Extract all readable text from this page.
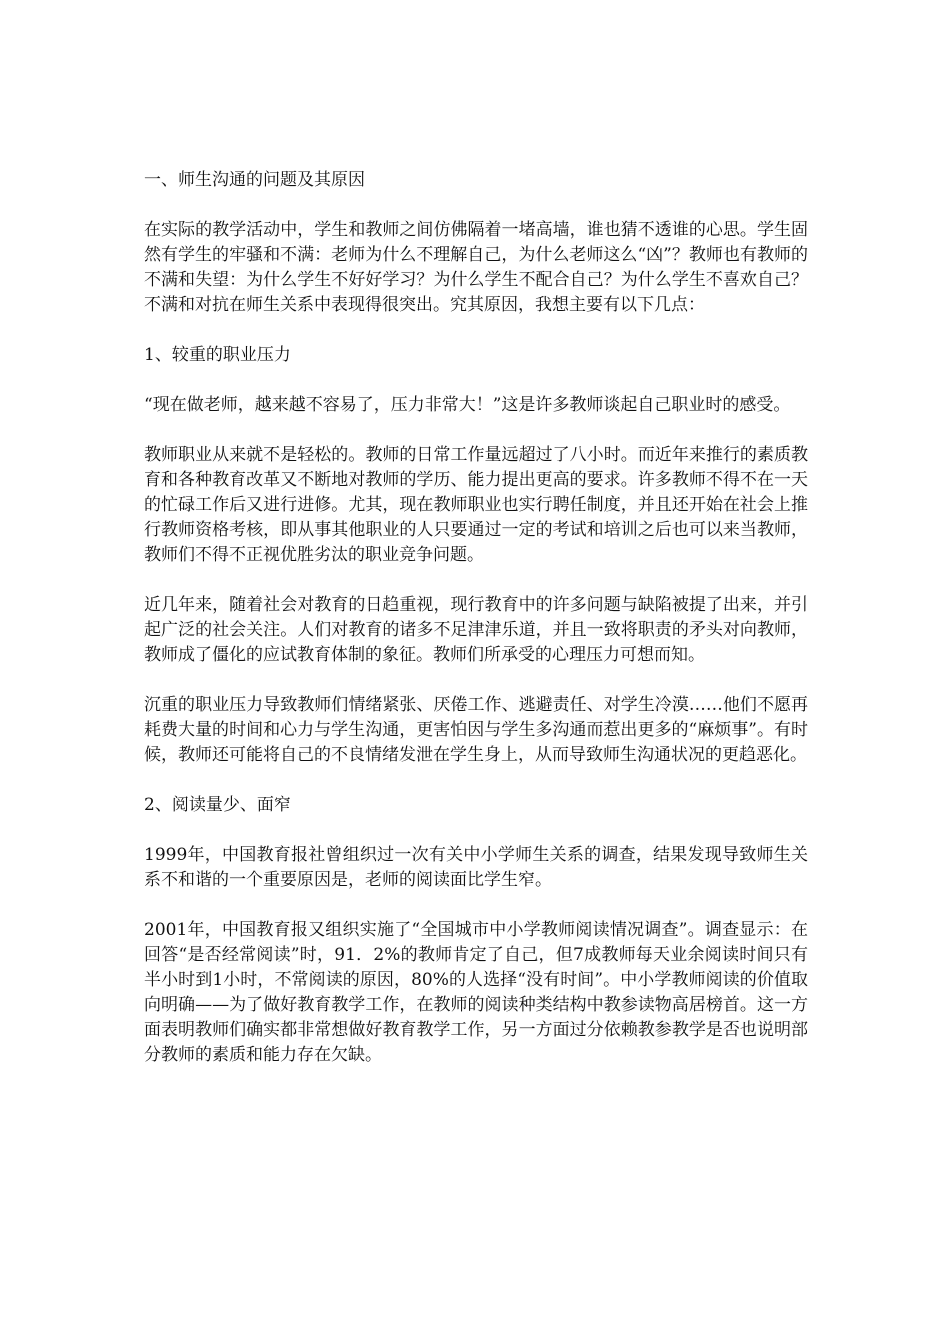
一、师生沟通的问题及其原因

在实际的教学活动中，学生和教师之间仿佛隔着一堵高墙，谁也猜不透谁的心思。学生固然有学生的牢骚和不满：老师为什么不理解自己，为什么老师这么“凶”？教师也有教师的不满和失望：为什么学生不好好学习？为什么学生不配合自己？为什么学生不喜欢自己？不满和对抗在师生关系中表现得很突出。究其原因，我想主要有以下几点：

1、较重的职业压力

“现在做老师，越来越不容易了，压力非常大！”这是许多教师谈起自己职业时的感受。

教师职业从来就不是轻松的。教师的日常工作量远超过了八小时。而近年来推行的素质教育和各种教育改革又不断地对教师的学历、能力提出更高的要求。许多教师不得不在一天的忙碌工作后又进行进修。尤其，现在教师职业也实行聘任制度，并且还开始在社会上推行教师资格考核，即从事其他职业的人只要通过一定的考试和培训之后也可以来当教师，教师们不得不正视优胜劣汰的职业竞争问题。

近几年来，随着社会对教育的日趋重视，现行教育中的许多问题与缺陷被提了出来，并引起广泛的社会关注。人们对教育的诸多不足津津乐道，并且一致将职责的矛头对向教师，教师成了僵化的应试教育体制的象征。教师们所承受的心理压力可想而知。

沉重的职业压力导致教师们情绪紧张、厌倦工作、逃避责任、对学生冷漠……他们不愿再耗费大量的时间和心力与学生沟通，更害怕因与学生多沟通而惹出更多的“麻烦事”。有时候，教师还可能将自己的不良情绪发泄在学生身上，从而导致师生沟通状况的更趋恶化。

2、阅读量少、面窄

1999年，中国教育报社曾组织过一次有关中小学师生关系的调查，结果发现导致师生关系不和谐的一个重要原因是，老师的阅读面比学生窄。

2001年，中国教育报又组织实施了“全国城市中小学教师阅读情况调查”。调查显示：在回答“是否经常阅读”时，91．2%的教师肯定了自己，但7成教师每天业余阅读时间只有半小时到1小时，不常阅读的原因，80%的人选择“没有时间”。中小学教师阅读的价值取向明确——为了做好教育教学工作，在教师的阅读种类结构中教参读物高居榜首。这一方面表明教师们确实都非常想做好教育教学工作，另一方面过分依赖教参教学是否也说明部分教师的素质和能力存在欠缺。
